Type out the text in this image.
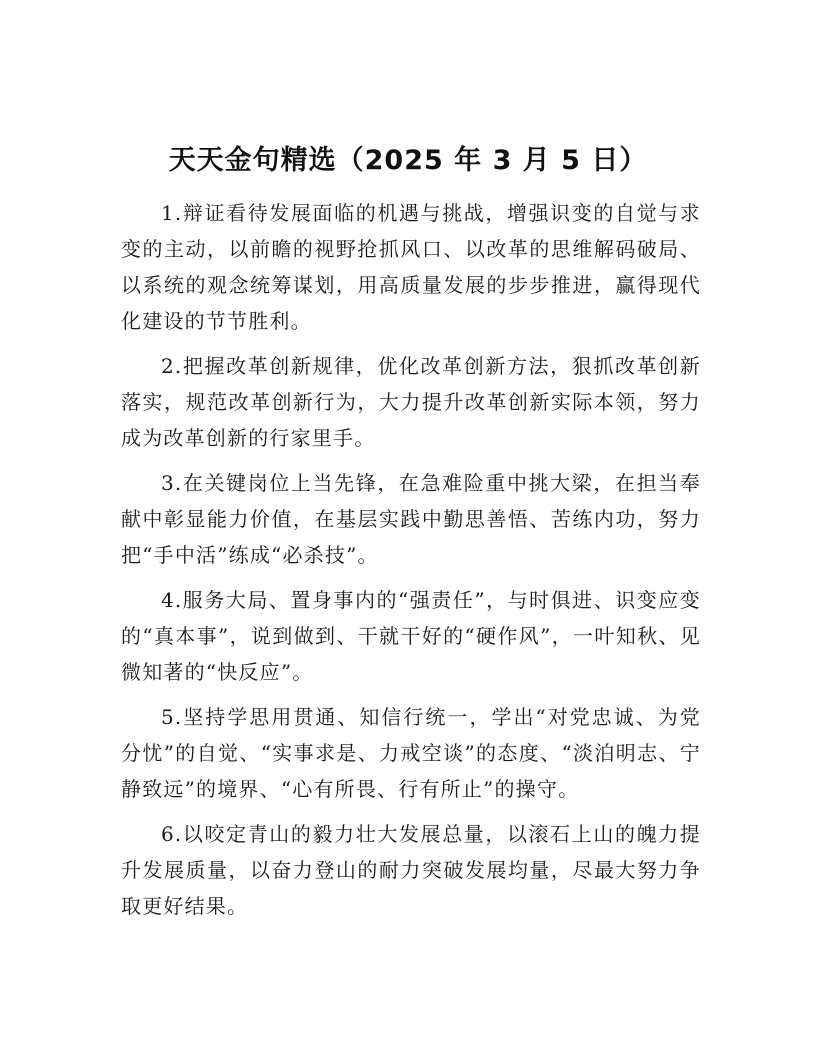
天天金句精选（2025 年 3 月 5 日）

1.辩证看待发展面临的机遇与挑战，增强识变的自觉与求变的主动，以前瞻的视野抢抓风口、以改革的思维解码破局、以系统的观念统筹谋划，用高质量发展的步步推进，赢得现代化建设的节节胜利。

2.把握改革创新规律，优化改革创新方法，狠抓改革创新落实，规范改革创新行为，大力提升改革创新实际本领，努力成为改革创新的行家里手。

3.在关键岗位上当先锋，在急难险重中挑大梁，在担当奉献中彰显能力价值，在基层实践中勤思善悟、苦练内功，努力把“手中活”练成“必杀技”。

4.服务大局、置身事内的“强责任”，与时俱进、识变应变的“真本事”，说到做到、干就干好的“硬作风”，一叶知秋、见微知著的“快反应”。

5.坚持学思用贯通、知信行统一，学出“对党忠诚、为党分忧”的自觉、“实事求是、力戒空谈”的态度、“淡泊明志、宁静致远”的境界、“心有所畏、行有所止”的操守。

6.以咬定青山的毅力壮大发展总量，以滚石上山的魄力提升发展质量，以奋力登山的耐力突破发展均量，尽最大努力争取更好结果。
